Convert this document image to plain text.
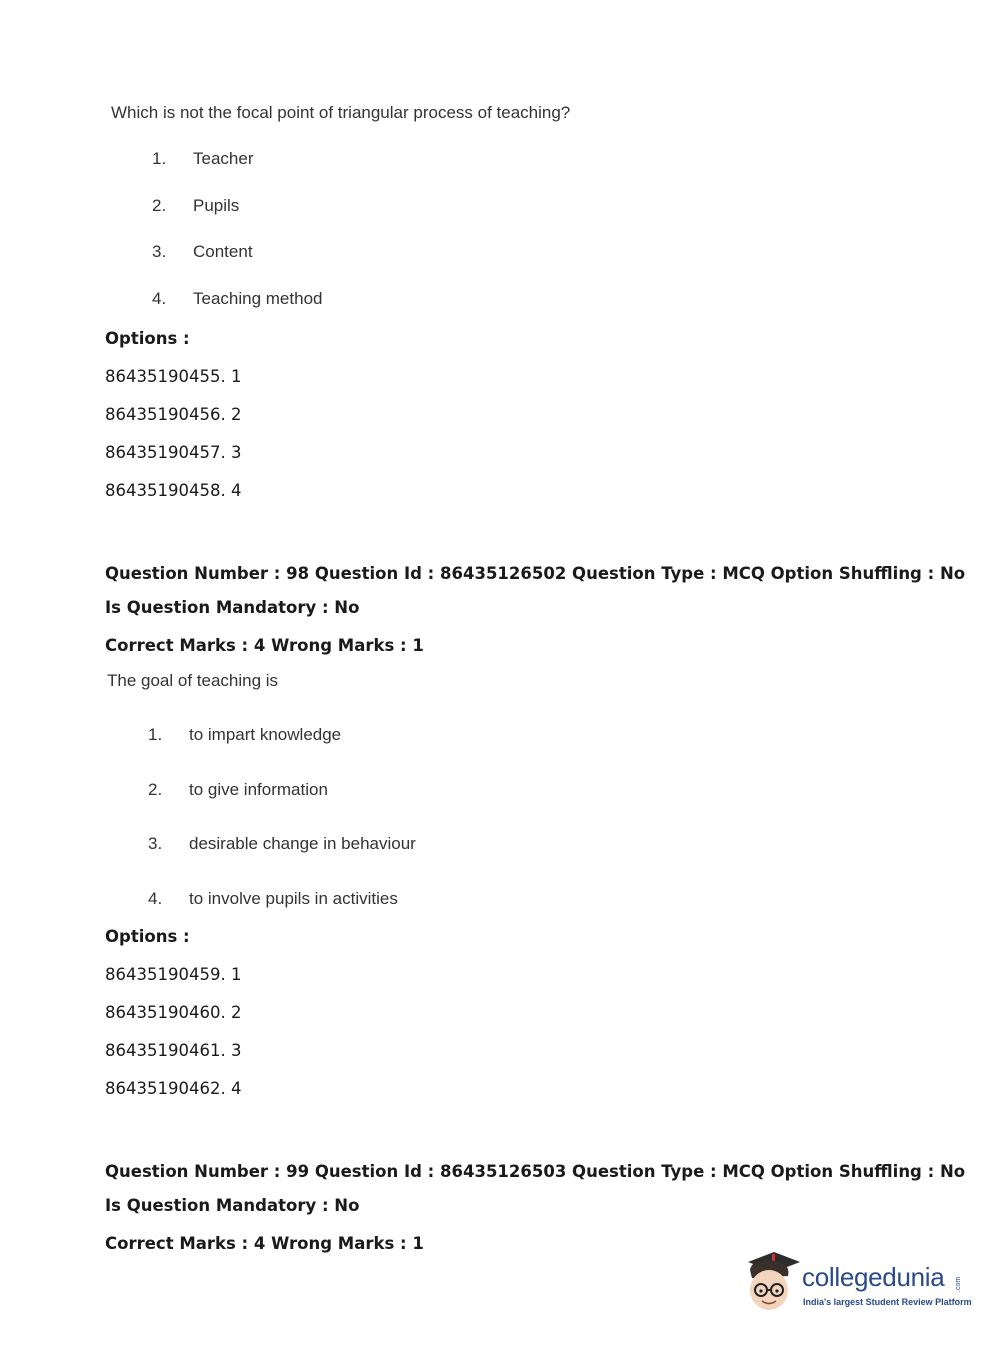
Which is not the focal point of triangular process of teaching?
1. Teacher
2. Pupils
3. Content
4. Teaching method
Options :
86435190455. 1
86435190456. 2
86435190457. 3
86435190458. 4
Question Number : 98 Question Id : 86435126502 Question Type : MCQ Option Shuffling : No
Is Question Mandatory : No
Correct Marks : 4 Wrong Marks : 1
The goal of teaching is
1. to impart knowledge
2. to give information
3. desirable change in behaviour
4. to involve pupils in activities
Options :
86435190459. 1
86435190460. 2
86435190461. 3
86435190462. 4
Question Number : 99 Question Id : 86435126503 Question Type : MCQ Option Shuffling : No
Is Question Mandatory : No
Correct Marks : 4 Wrong Marks : 1
collegedunia
India's largest Student Review Platform
.com
